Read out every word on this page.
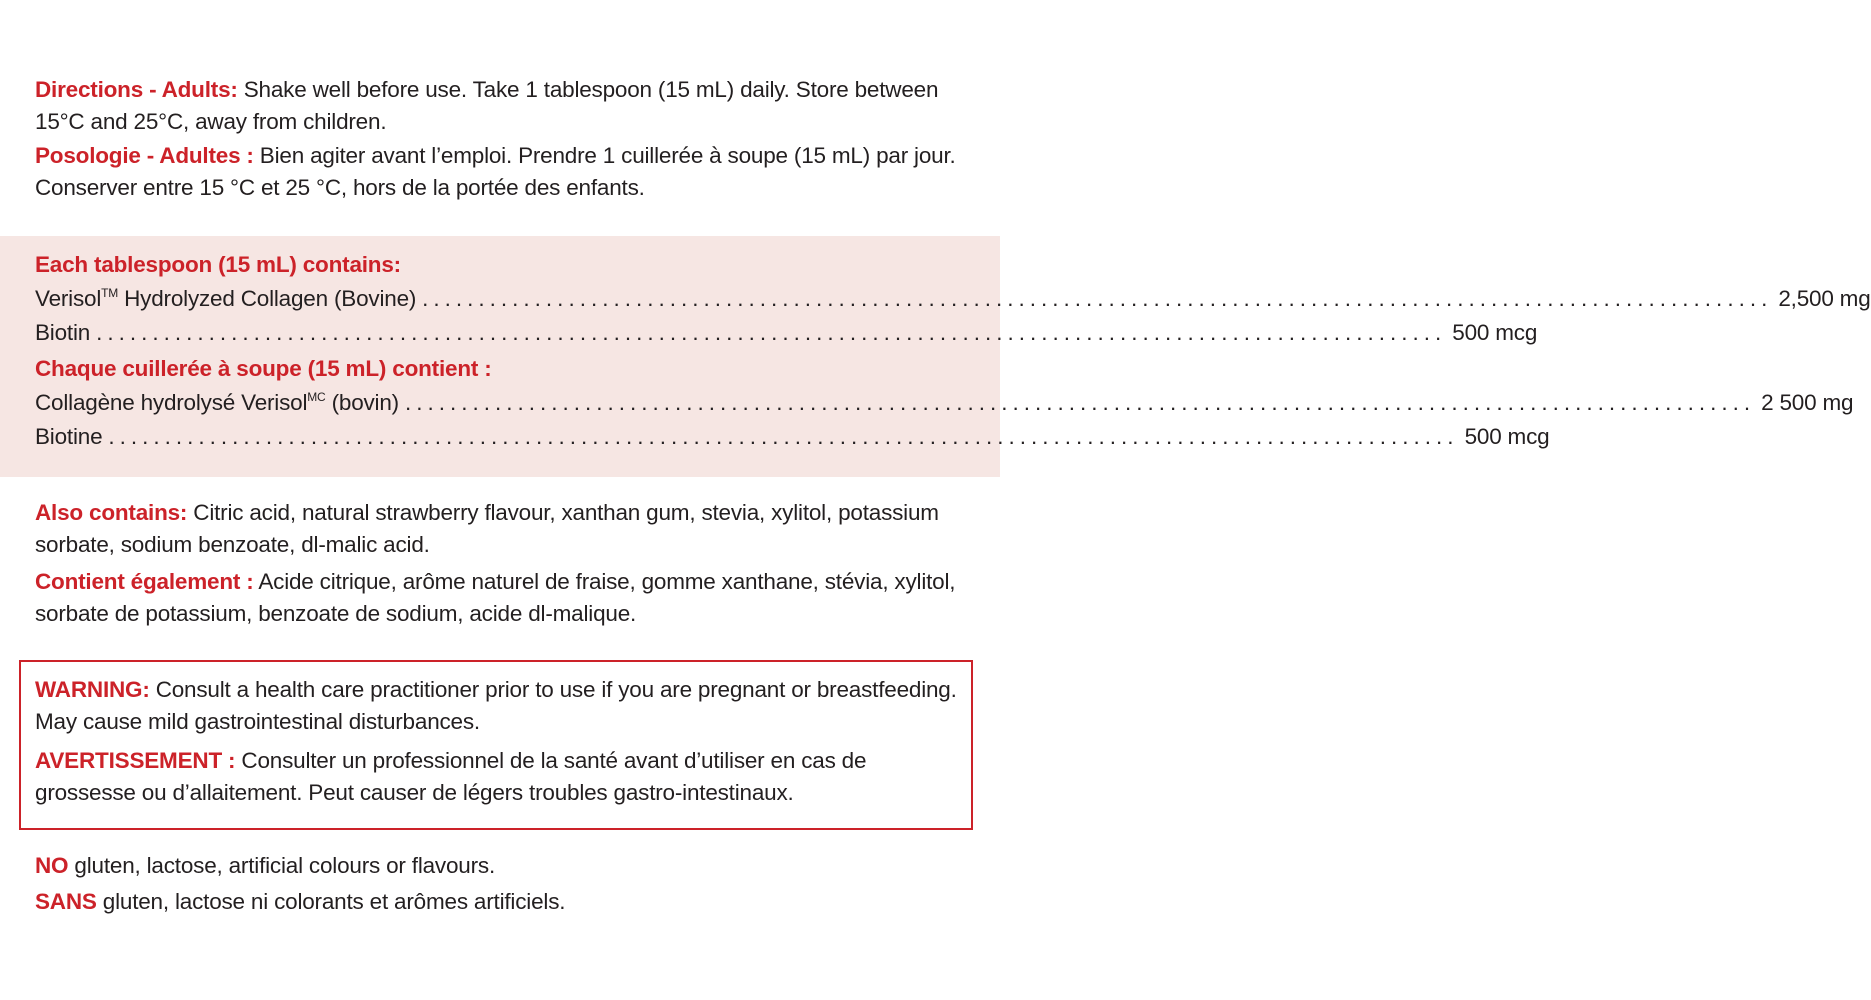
Directions - Adults: Shake well before use. Take 1 tablespoon (15 mL) daily. Store between 15°C and 25°C, away from children.

Posologie - Adultes : Bien agiter avant l’emploi. Prendre 1 cuillerée à soupe (15 mL) par jour. Conserver entre 15 °C et 25 °C, hors de la portée des enfants.

Each tablespoon (15 mL) contains:
Verisol™ Hydrolyzed Collagen (Bovine) ........................................................................................................................ 2,500 mg
Biotin ........................................................................................................................ 500 mcg
Chaque cuillerée à soupe (15 mL) contient :
Collagène hydrolysé Verisol$^{MC}$ (bovin) ........................................................................................................................ 2 500 mg
Biotine ........................................................................................................................ 500 mcg

Also contains: Citric acid, natural strawberry flavour, xanthan gum, stevia, xylitol, potassium sorbate, sodium benzoate, dl-malic acid.

Contient également : Acide citrique, arôme naturel de fraise, gomme xanthane, stévia, xylitol, sorbate de potassium, benzoate de sodium, acide dl-malique.

WARNING: Consult a health care practitioner prior to use if you are pregnant or breastfeeding. May cause mild gastrointestinal disturbances.

AVERTISSEMENT : Consulter un professionnel de la santé avant d’utiliser en cas de grossesse ou d’allaitement. Peut causer de légers troubles gastro-intestinaux.

NO gluten, lactose, artificial colours or flavours.

SANS gluten, lactose ni colorants et arômes artificiels.
